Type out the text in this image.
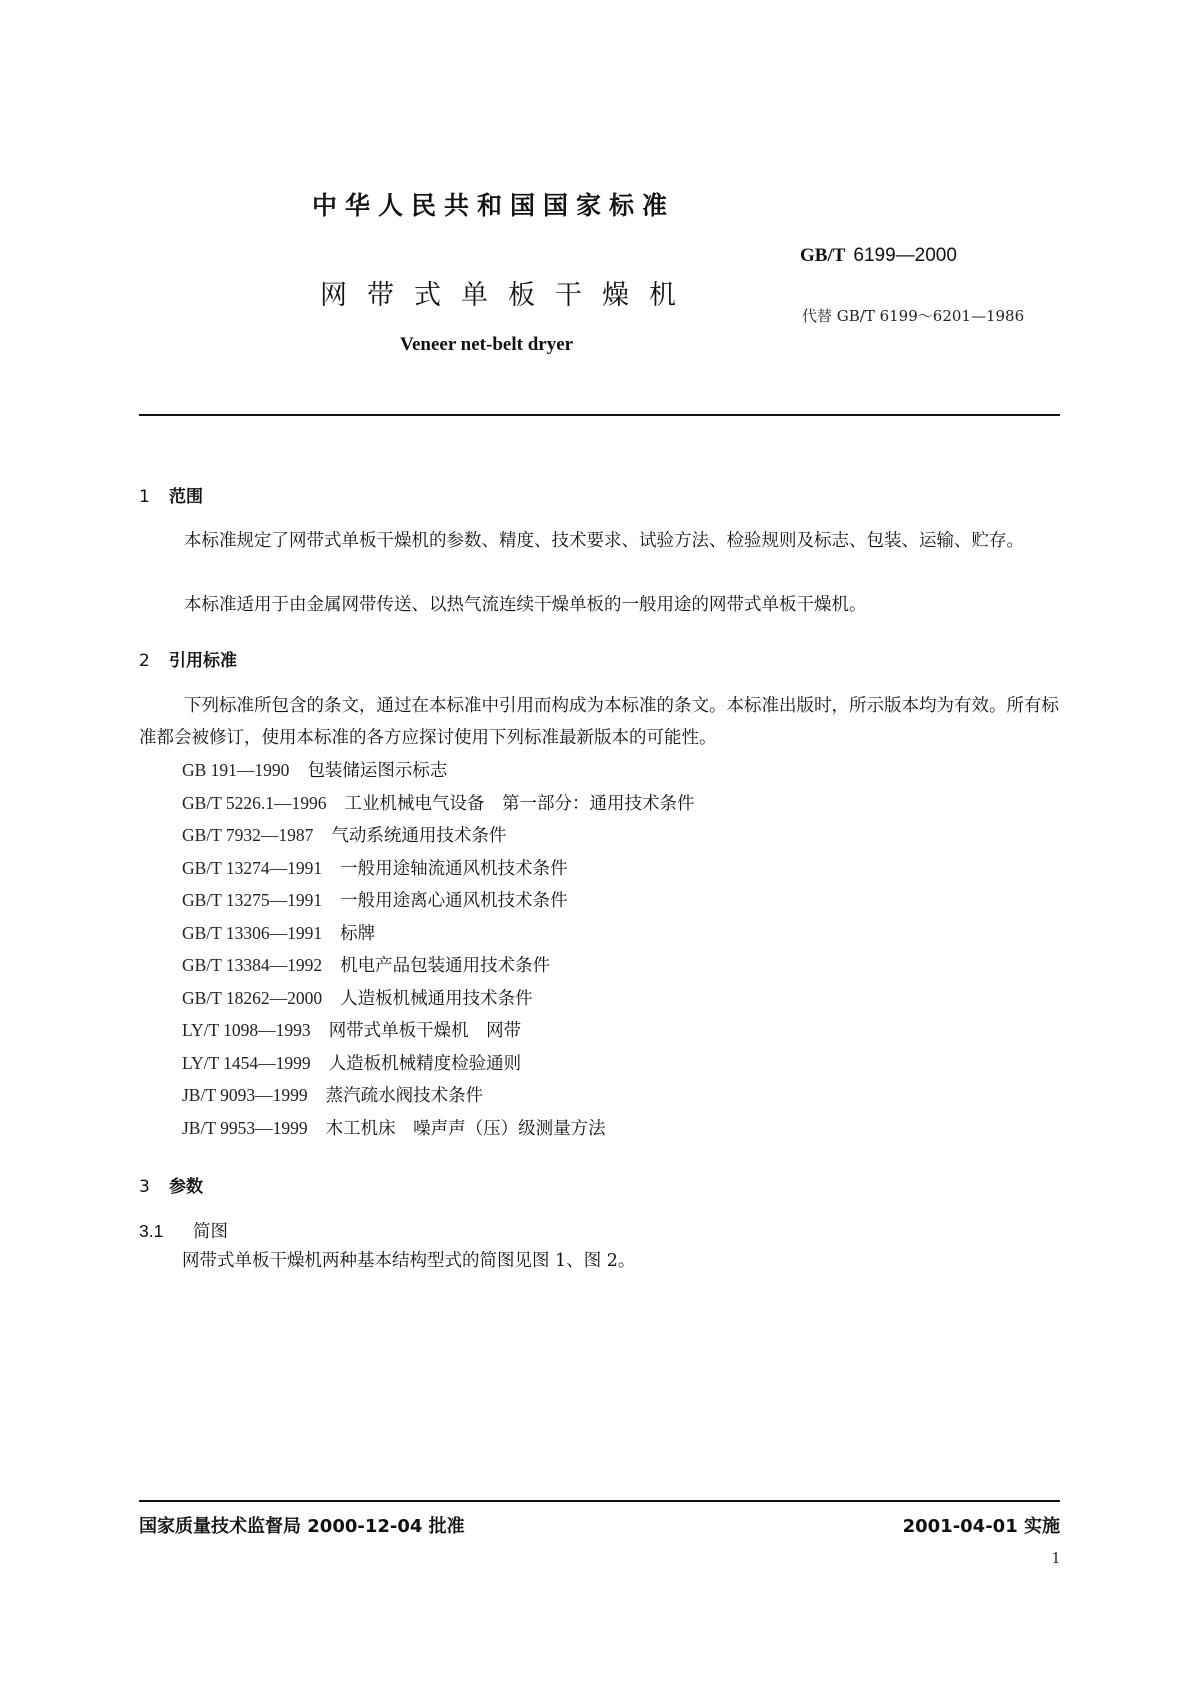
中华人民共和国国家标准
网带式单板干燥机
Veneer net-belt dryer
GB/T 6199—2000
代替 GB/T 6199～6201—1986
1 范围
本标准规定了网带式单板干燥机的参数、精度、技术要求、试验方法、检验规则及标志、包装、运输、贮存。
本标准适用于由金属网带传送、以热气流连续干燥单板的一般用途的网带式单板干燥机。
2 引用标准
下列标准所包含的条文，通过在本标准中引用而构成为本标准的条文。本标准出版时，所示版本均为有效。所有标准都会被修订，使用本标准的各方应探讨使用下列标准最新版本的可能性。
GB 191—1990 包装储运图示标志
GB/T 5226.1—1996 工业机械电气设备　第一部分：通用技术条件
GB/T 7932—1987 气动系统通用技术条件
GB/T 13274—1991 一般用途轴流通风机技术条件
GB/T 13275—1991 一般用途离心通风机技术条件
GB/T 13306—1991 标牌
GB/T 13384—1992 机电产品包装通用技术条件
GB/T 18262—2000 人造板机械通用技术条件
LY/T 1098—1993 网带式单板干燥机　网带
LY/T 1454—1999 人造板机械精度检验通则
JB/T 9093—1999 蒸汽疏水阀技术条件
JB/T 9953—1999 木工机床　噪声声（压）级测量方法
3 参数
3.1 简图
网带式单板干燥机两种基本结构型式的简图见图 1、图 2。
国家质量技术监督局 2000-12-04 批准	2001-04-01 实施
1
